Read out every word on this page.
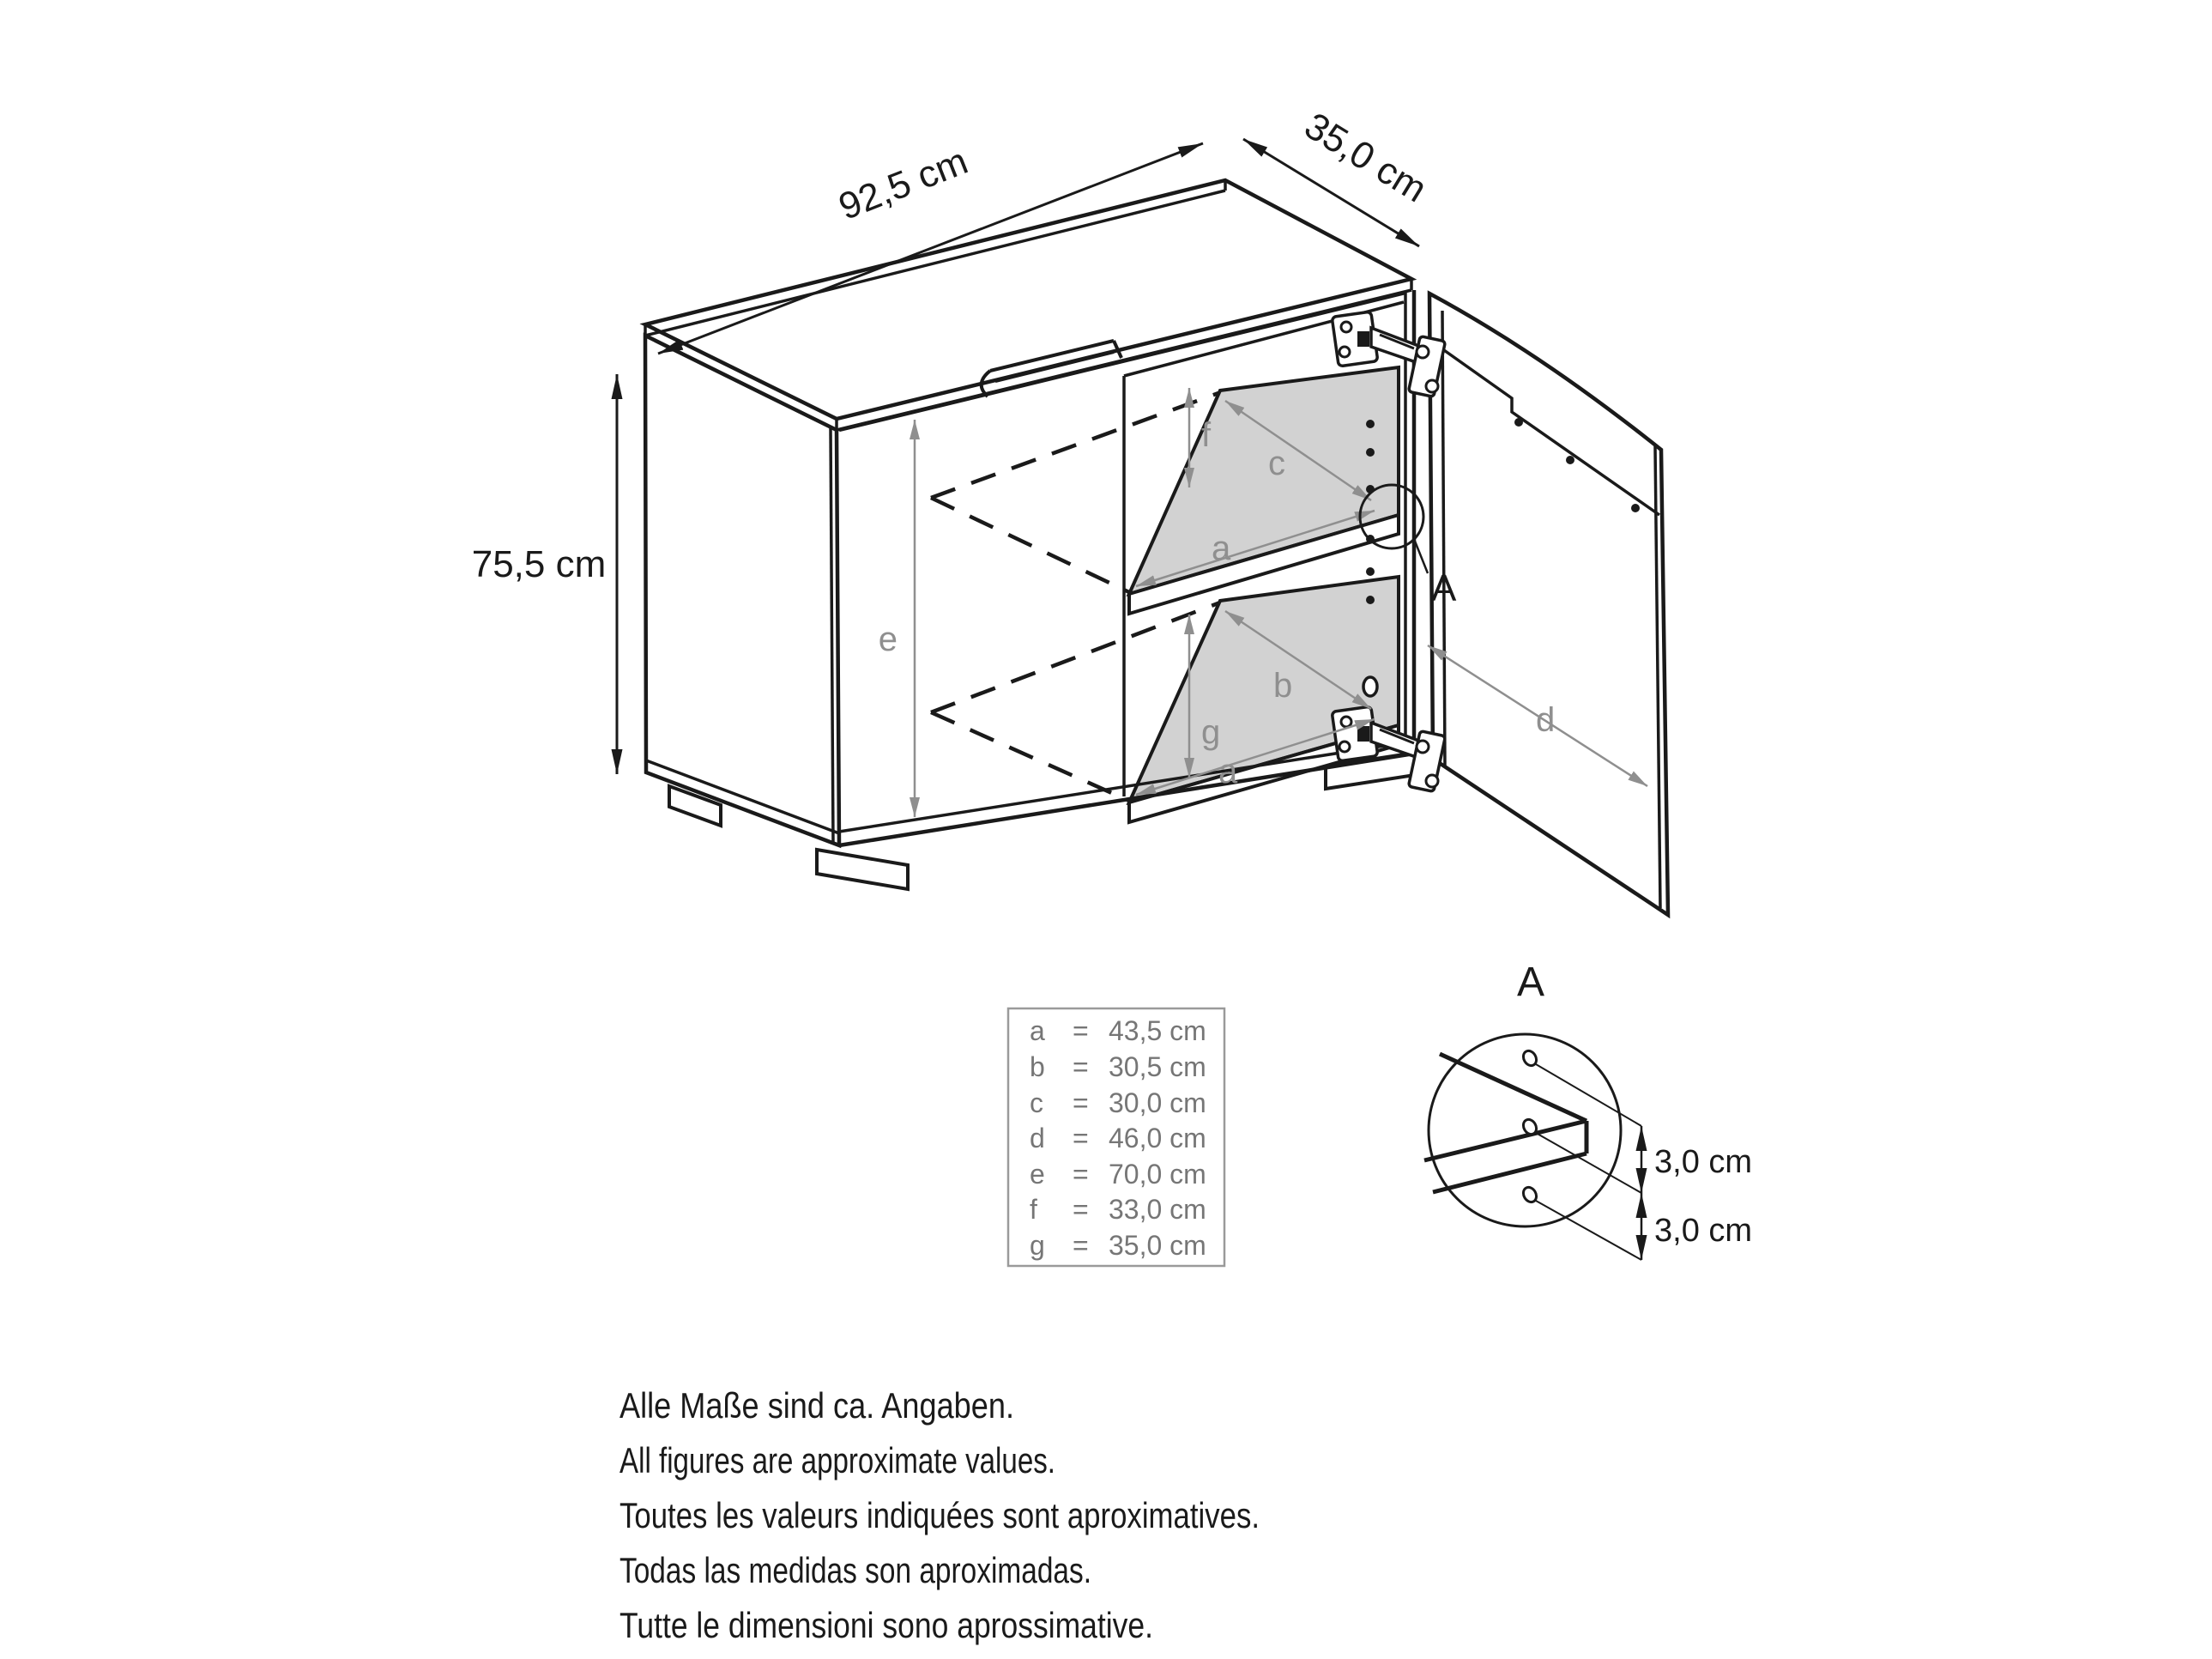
e
f
g
a
c
b
a
d
A
92,5 cm	35,0 cm
75,5 cm
a = 43,5 cm
b = 30,5 cm
c = 30,0 cm
d = 46,0 cm
e = 70,0 cm
f = 33,0 cm
g = 35,0 cm
A
3,0 cm
3,0 cm
Alle Maße sind ca. Angaben.
All figures are approximate values.
Toutes les valeurs indiquées sont aproximatives.
Todas las medidas son aproximadas.
Tutte le dimensioni sono aprossimative.
